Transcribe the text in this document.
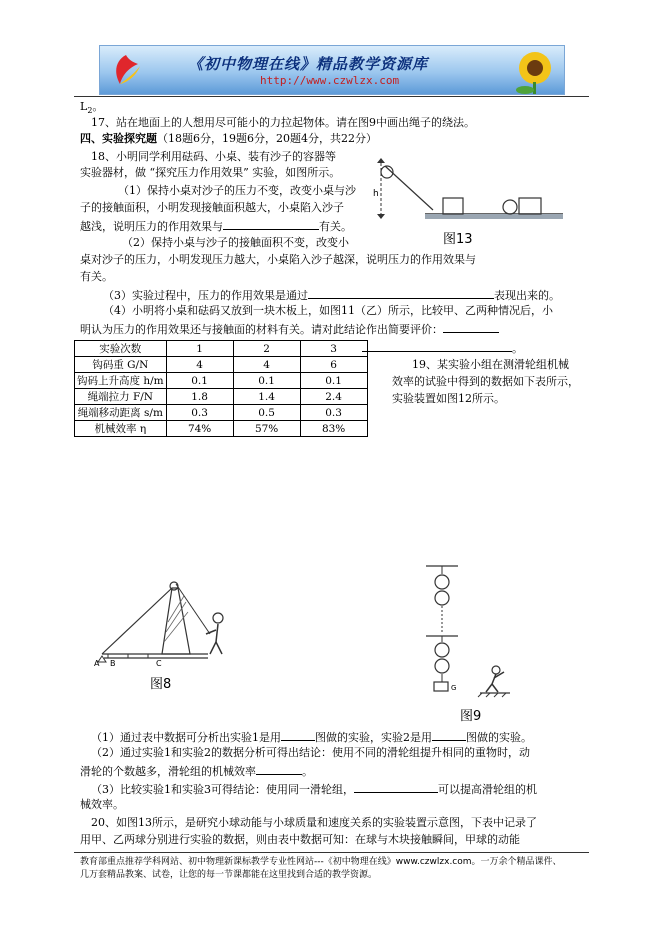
《初中物理在线》精品教学资源库
http://www.czwlzx.com
$L_2$。
17、站在地面上的人想用尽可能小的力拉起物体。请在图9中画出绳子的绕法。
四、实验探究题（18题6分，19题6分，20题4分，共22分）
18、小明同学利用砝码、小桌、装有沙子的容器等
实验器材，做 “探究压力作用效果” 实验，如图所示。
（1）保持小桌对沙子的压力不变，改变小桌与沙
子的接触面积，小明发现接触面积越大，小桌陷入沙子
越浅，说明压力的作用效果与	有关。
（2）保持小桌与沙子的接触面积不变，改变小
桌对沙子的压力，小明发现压力越大，小桌陷入沙子越深，说明压力的作用效果与
有关。
（3）实验过程中，压力的作用效果是通过	表现出来的。
（4）小明将小桌和砝码又放到一块木板上，如图11（乙）所示，比较甲、乙两种情况后，小
明认为压力的作用效果还与接触面的材料有关。请对此结论作出简要评价：
。
h
图13
实验次数	1	2	3
钩码重 G/N	4	4	6
钩码上升高度 h/m	0.1	0.1	0.1
绳端拉力 F/N	1.8	1.4	2.4
绳端移动距离 s/m	0.3	0.5	0.3
机械效率 η	74%	57%	83%
19、某实验小组在测滑轮组机械
效率的试验中得到的数据如下表所示，
实验装置如图12所示。
A B	C
图8	G
图9
（1）通过表中数据可分析出实验1是用	图做的实验，实验2是用	图做的实验。
（2）通过实验1和实验2的数据分析可得出结论：使用不同的滑轮组提升相同的重物时，动
滑轮的个数越多，滑轮组的机械效率	。
（3）比较实验1和实验3可得结论：使用同一滑轮组，	可以提高滑轮组的机
械效率。
20、如图13所示，是研究小球动能与小球质量和速度关系的实验装置示意图，下表中记录了
用甲、乙两球分别进行实验的数据，则由表中数据可知：在球与木块接触瞬间，甲球的动能
教育部重点推荐学科网站、初中物理新课标教学专业性网站---《初中物理在线》www.czwlzx.com。一万余个精品课件、
几万套精品教案、试卷，让您的每一节课都能在这里找到合适的教学资源。
